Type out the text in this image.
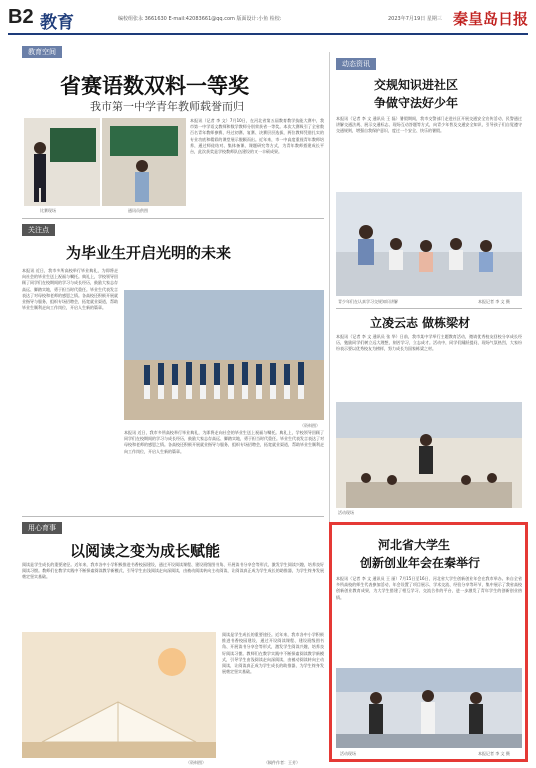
B2 教育	编校组张永 3661630 E-mail:42083661@qq.com 版面设计:小鱼 检校:	2023年7月19日 星期三 秦皇岛日报
教育空间
省赛语数双料一等奖
我市第一中学青年教师载誉而归
比赛现场	通讯员供图
本报讯（记者 李 文）7月10日，在河北省第五届教育教学技能大赛中，我市第一中学语文教师和数学教师分别荣获省一等奖。本次大赛吸引了全省数百名青年教师参赛，经过初赛、复赛、决赛层层选拔，两位教师凭借扎实的专业功底和精彩的课堂展示脱颖而出。近年来，市一中高度重视青年教师培养，通过师徒结对、集体备课、课题研究等方式，为青年教师搭建成长平台，此次获奖是学校教师队伍建设的又一丰硕成果。
关注点
为毕业生开启光明的未来
本报讯 近日，我市多所高校举行毕业典礼，为即将走向社会的毕业生送上祝福与嘱托。典礼上，学校领导回顾了同学们在校期间的学习与成长经历，鼓励大家志存高远、脚踏实地，勇于担当时代重任。毕业生代表发言表达了对母校和老师的感恩之情。各高校还积极开展就业指导与服务，组织专场招聘会，拓宽就业渠道，帮助毕业生顺利走向工作岗位，开启人生新的篇章。
（资料图）
本报讯 近日，我市多所高校举行毕业典礼，为即将走向社会的毕业生送上祝福与嘱托。典礼上，学校领导回顾了同学们在校期间的学习与成长经历，鼓励大家志存高远、脚踏实地，勇于担当时代重任。毕业生代表发言表达了对母校和老师的感恩之情。各高校还积极开展就业指导与服务，组织专场招聘会，拓宽就业渠道，帮助毕业生顺利走向工作岗位，开启人生新的篇章。
用心育事
以阅读之变为成长赋能
阅读是学生成长的重要途径。近年来，我市各中小学积极推进书香校园建设，通过开设阅读课程、建设班级图书角、开展读书分享会等形式，激发学生阅读兴趣，培养良好阅读习惯。教师们在教学实践中不断探索阅读教学新模式，引导学生由浅阅读走向深阅读，由被动阅读转向主动阅读，让阅读真正成为学生成长的助推器，为学生终身发展奠定坚实基础。
（资料图）
阅读是学生成长的重要途径。近年来，我市各中小学积极推进书香校园建设，通过开设阅读课程、建设班级图书角、开展读书分享会等形式，激发学生阅读兴趣，培养良好阅读习惯。教师们在教学实践中不断探索阅读教学新模式，引导学生由浅阅读走向深阅读，由被动阅读转向主动阅读，让阅读真正成为学生成长的助推器，为学生终身发展奠定坚实基础。
（稿件作者：王芳）
动态资讯
交规知识进社区
争做守法好少年
本报讯（记者 李 文 通讯员 王 磊）暑假期间，我市交警部门走进社区开展交通安全宣传活动，民警通过讲解交通法规、展示交通标志、现场互动答题等方式，向青少年普及交通安全知识，引导孩子们自觉遵守交通规则，增强自我保护意识，度过一个安全、快乐的暑假。
青少年们在认真学习交规知识讲解	本报记者 李 文 摄
立凌云志 做栋梁材
本报讯（记者 李 文 通讯员 张 华）日前，我市某中学举行主题教育活动，邀请优秀校友回校分享成长经历，勉励同学们树立远大理想，刻苦学习，立志成才。活动中，同学们踊跃提问，现场气氛热烈，大家纷纷表示要以优秀校友为榜样，努力成长为国家栋梁之材。
活动现场
河北省大学生
创新创业年会在秦举行
本报讯（记者 李 文 通讯员 王 丽）7月15日至16日，河北省大学生创新创业年会在我市举办。来自全省多所高校的师生代表参加活动，年会设置了项目展示、学术交流、经验分享等环节，集中展示了我省高校创新创业教育成果，为大学生搭建了相互学习、交流合作的平台，进一步激发了青年学生的创新创业热情。
活动现场	本报记者 李 文 摄
